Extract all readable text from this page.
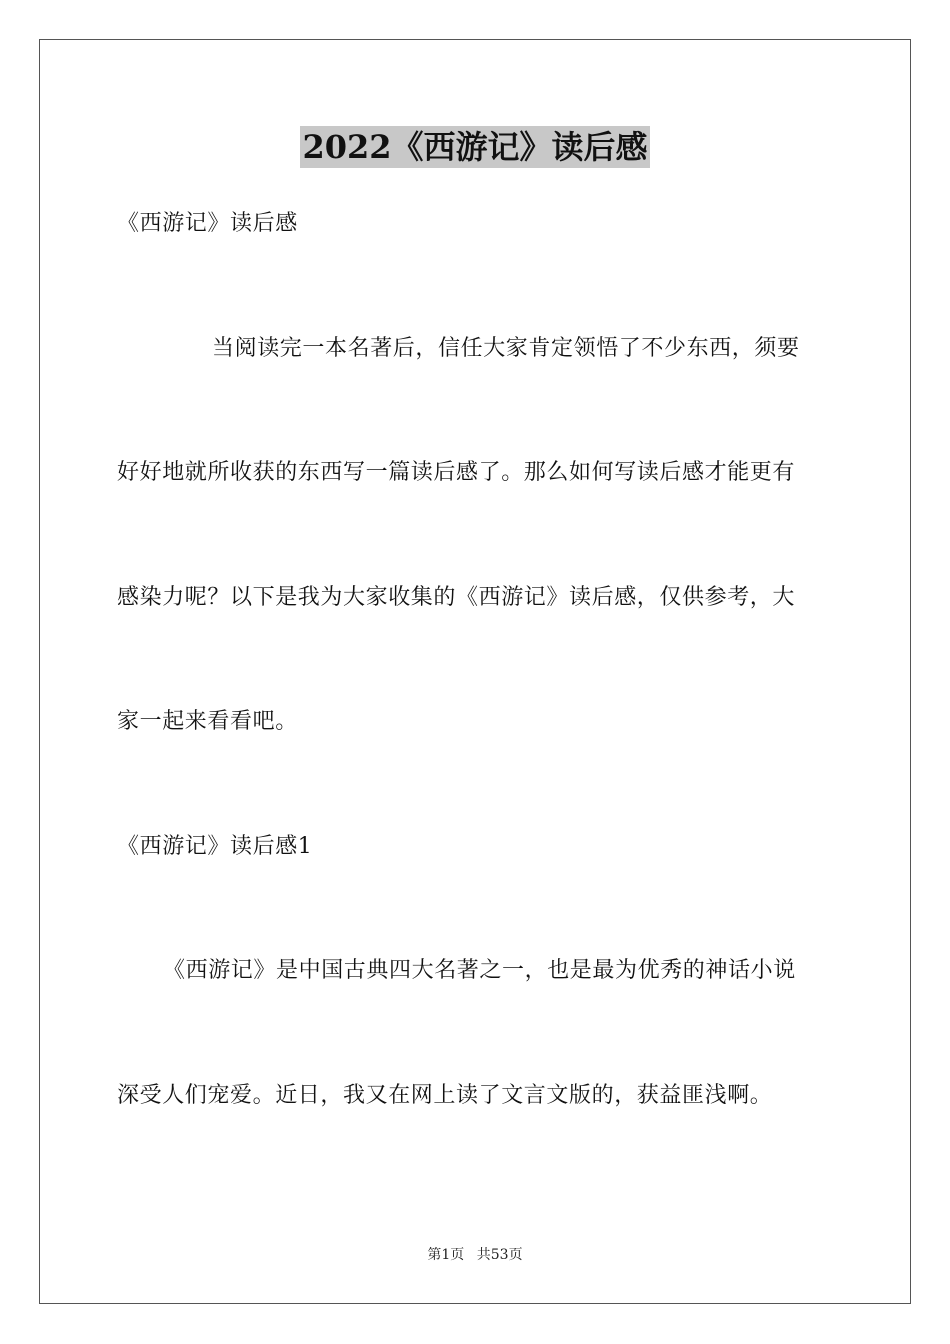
2022《西游记》读后感
《西游记》读后感
当阅读完一本名著后，信任大家肯定领悟了不少东西，须要
好好地就所收获的东西写一篇读后感了。那么如何写读后感才能更有
感染力呢？以下是我为大家收集的《西游记》读后感，仅供参考，大
家一起来看看吧。
《西游记》读后感1
《西游记》是中国古典四大名著之一，也是最为优秀的神话小说
深受人们宠爱。近日，我又在网上读了文言文版的，获益匪浅啊。
第1页 共53页
